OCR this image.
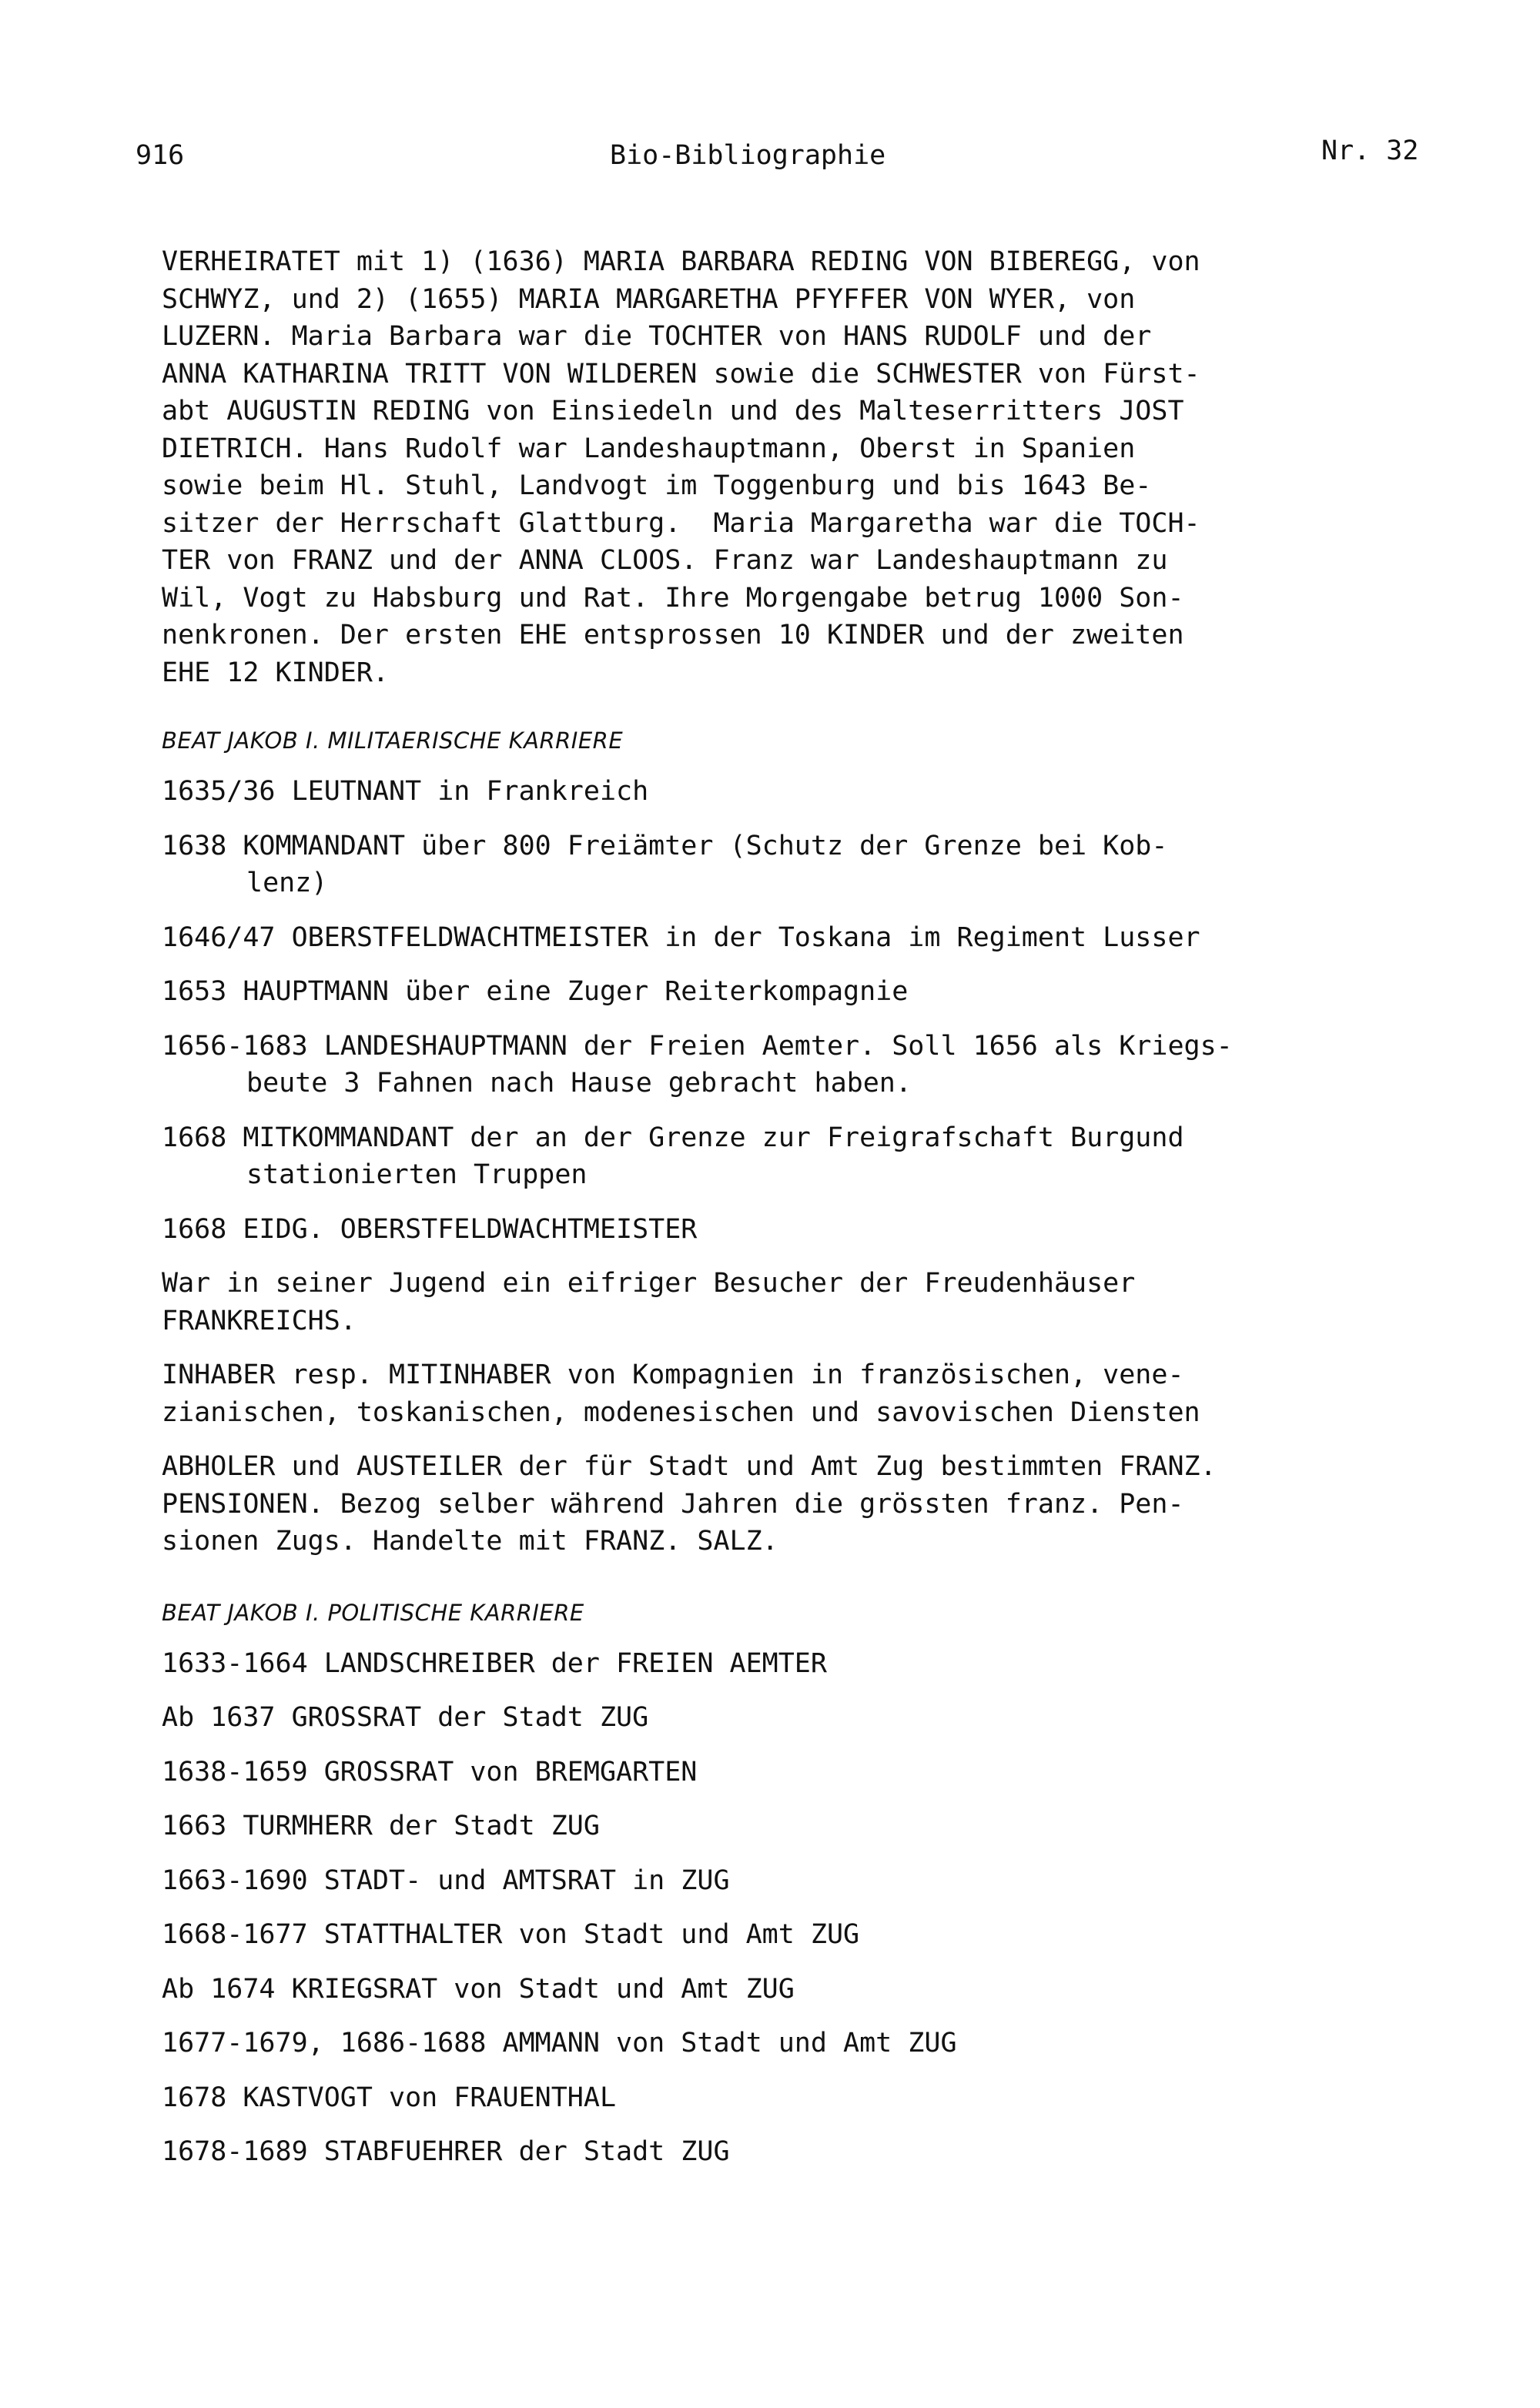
916	Bio-Bibliographie	Nr. 32

VERHEIRATET mit 1) (1636) MARIA BARBARA REDING VON BIBEREGG, von
SCHWYZ, und 2) (1655) MARIA MARGARETHA PFYFFER VON WYER, von
LUZERN. Maria Barbara war die TOCHTER von HANS RUDOLF und der
ANNA KATHARINA TRITT VON WILDEREN sowie die SCHWESTER von Fürst-
abt AUGUSTIN REDING von Einsiedeln und des Malteserritters JOST
DIETRICH. Hans Rudolf war Landeshauptmann, Oberst in Spanien
sowie beim Hl. Stuhl, Landvogt im Toggenburg und bis 1643 Be-
sitzer der Herrschaft Glattburg.  Maria Margaretha war die TOCH-
TER von FRANZ und der ANNA CLOOS. Franz war Landeshauptmann zu
Wil, Vogt zu Habsburg und Rat. Ihre Morgengabe betrug 1000 Son-
nenkronen. Der ersten EHE entsprossen 10 KINDER und der zweiten
EHE 12 KINDER.

BEAT JAKOB I. MILITAERISCHE KARRIERE
1635/36 LEUTNANT in Frankreich
1638 KOMMANDANT über 800 Freiämter (Schutz der Grenze bei Kob-
lenz)
1646/47 OBERSTFELDWACHTMEISTER in der Toskana im Regiment Lusser
1653 HAUPTMANN über eine Zuger Reiterkompagnie
1656-1683 LANDESHAUPTMANN der Freien Aemter. Soll 1656 als Kriegs-
beute 3 Fahnen nach Hause gebracht haben.
1668 MITKOMMANDANT der an der Grenze zur Freigrafschaft Burgund
stationierten Truppen
1668 EIDG. OBERSTFELDWACHTMEISTER

War in seiner Jugend ein eifriger Besucher der Freudenhäuser
FRANKREICHS.

INHABER resp. MITINHABER von Kompagnien in französischen, vene-
zianischen, toskanischen, modenesischen und savovischen Diensten

ABHOLER und AUSTEILER der für Stadt und Amt Zug bestimmten FRANZ.
PENSIONEN. Bezog selber während Jahren die grössten franz. Pen-
sionen Zugs. Handelte mit FRANZ. SALZ.

BEAT JAKOB I. POLITISCHE KARRIERE
1633-1664 LANDSCHREIBER der FREIEN AEMTER
Ab 1637 GROSSRAT der Stadt ZUG
1638-1659 GROSSRAT von BREMGARTEN
1663 TURMHERR der Stadt ZUG
1663-1690 STADT- und AMTSRAT in ZUG
1668-1677 STATTHALTER von Stadt und Amt ZUG
Ab 1674 KRIEGSRAT von Stadt und Amt ZUG
1677-1679, 1686-1688 AMMANN von Stadt und Amt ZUG
1678 KASTVOGT von FRAUENTHAL
1678-1689 STABFUEHRER der Stadt ZUG
